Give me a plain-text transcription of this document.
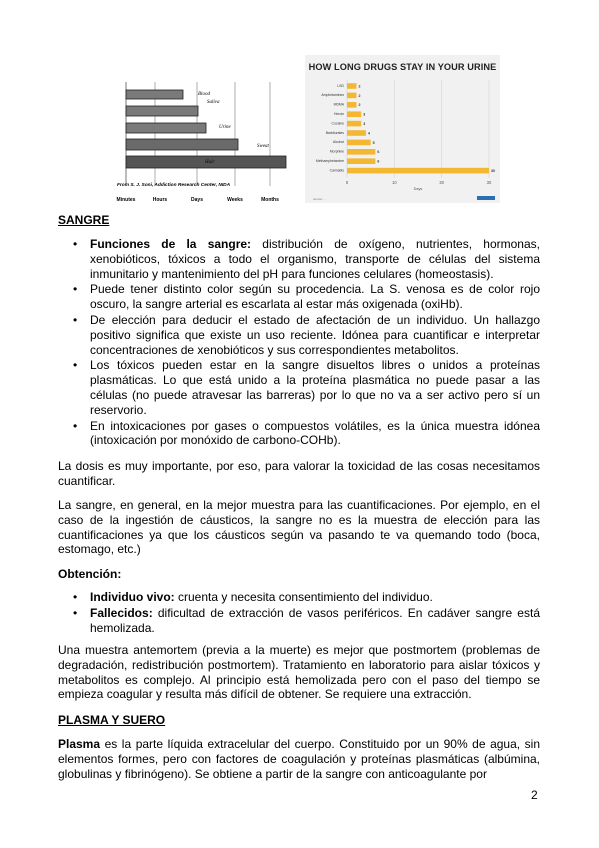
Blood
Saliva
Urine
Sweat
Hair
From S. J. Soni, Addiction Research Center, NIDA
Minutes	Hours	Days	Weeks	Months
HOW LONG DRUGS STAY IN YOUR URINE
0	10	20	30
LSD	2
Amphetamines	2
MDMA	2
Heroin	3
Cocaine	3
Barbiturates	4
Alcohol	5
Morphine	6
Methamphetamine	6
Cannabis	30
Days
source: ...
SANGRE
• Funciones de la sangre: distribución de oxígeno, nutrientes, hormonas, xenobióticos, tóxicos a todo el organismo, transporte de células del sistema inmunitario y mantenimiento del pH para funciones celulares (homeostasis).
• Puede tener distinto color según su procedencia. La S. venosa es de color rojo oscuro, la sangre arterial es escarlata al estar más oxigenada (oxiHb).
• De elección para deducir el estado de afectación de un individuo. Un hallazgo positivo significa que existe un uso reciente. Idónea para cuantificar e interpretar concentraciones de xenobióticos y sus correspondientes metabolitos.
• Los tóxicos pueden estar en la sangre disueltos libres o unidos a proteínas plasmáticas. Lo que está unido a la proteína plasmática no puede pasar a las células (no puede atravesar las barreras) por lo que no va a ser activo pero sí un reservorio.
• En intoxicaciones por gases o compuestos volátiles, es la única muestra idónea (intoxicación por monóxido de carbono-COHb).
La dosis es muy importante, por eso, para valorar la toxicidad de las cosas necesitamos cuantificar.
La sangre, en general, en la mejor muestra para las cuantificaciones. Por ejemplo, en el caso de la ingestión de cáusticos, la sangre no es la muestra de elección para las cuantificaciones ya que los cáusticos según va pasando te va quemando todo (boca, estomago, etc.)
Obtención:
• Individuo vivo: cruenta y necesita consentimiento del individuo.
• Fallecidos: dificultad de extracción de vasos periféricos. En cadáver sangre está hemolizada.
Una muestra antemortem (previa a la muerte) es mejor que postmortem (problemas de degradación, redistribución postmortem). Tratamiento en laboratorio para aislar tóxicos y metabolitos es complejo. Al principio está hemolizada pero con el paso del tiempo se empieza coagular y resulta más difícil de obtener. Se requiere una extracción.
PLASMA Y SUERO
Plasma es la parte líquida extracelular del cuerpo. Constituido por un 90% de agua, sin elementos formes, pero con factores de coagulación y proteínas plasmáticas (albúmina, globulinas y fibrinógeno). Se obtiene a partir de la sangre con anticoagulante por
2
